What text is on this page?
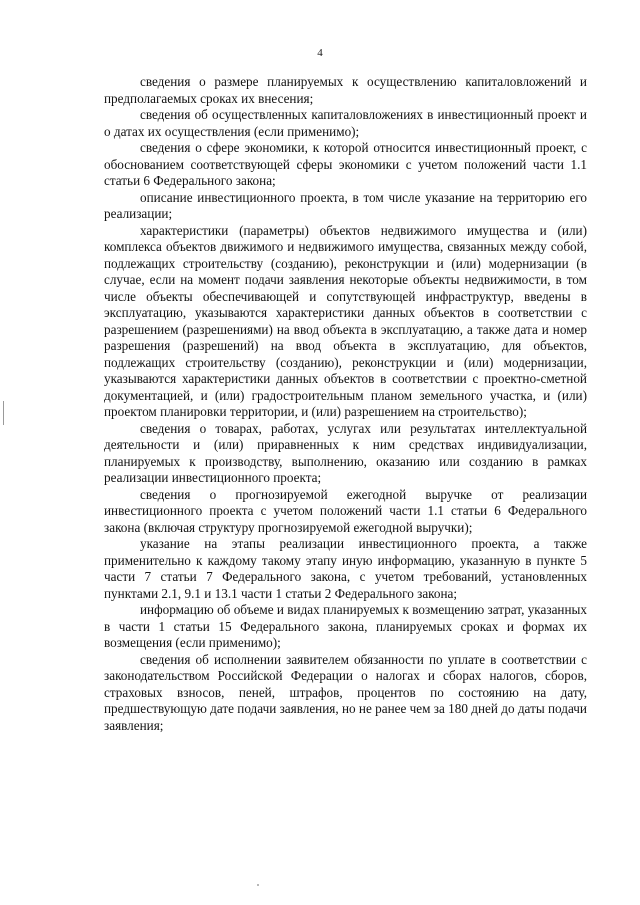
4

сведения о размере планируемых к осуществлению капиталовложений и предполагаемых сроках их внесения;

сведения об осуществленных капиталовложениях в инвестиционный проект и о датах их осуществления (если применимо);

сведения о сфере экономики, к которой относится инвестиционный проект, с обоснованием соответствующей сферы экономики с учетом положений части 1.1 статьи 6 Федерального закона;

описание инвестиционного проекта, в том числе указание на территорию его реализации;

характеристики (параметры) объектов недвижимого имущества и (или) комплекса объектов движимого и недвижимого имущества, связанных между собой, подлежащих строительству (созданию), реконструкции и (или) модернизации (в случае, если на момент подачи заявления некоторые объекты недвижимости, в том числе объекты обеспечивающей и сопутствующей инфраструктур, введены в эксплуатацию, указываются характеристики данных объектов в соответствии с разрешением (разрешениями) на ввод объекта в эксплуатацию, а также дата и номер разрешения (разрешений) на ввод объекта в эксплуатацию, для объектов, подлежащих строительству (созданию), реконструкции и (или) модернизации, указываются характеристики данных объектов в соответствии с проектно-сметной документацией, и (или) градостроительным планом земельного участка, и (или) проектом планировки территории, и (или) разрешением на строительство);

сведения о товарах, работах, услугах или результатах интеллектуальной деятельности и (или) приравненных к ним средствах индивидуализации, планируемых к производству, выполнению, оказанию или созданию в рамках реализации инвестиционного проекта;

сведения о прогнозируемой ежегодной выручке от реализации инвестиционного проекта с учетом положений части 1.1 статьи 6 Федерального закона (включая структуру прогнозируемой ежегодной выручки);

указание на этапы реализации инвестиционного проекта, а также применительно к каждому такому этапу иную информацию, указанную в пункте 5 части 7 статьи 7 Федерального закона, с учетом требований, установленных пунктами 2.1, 9.1 и 13.1 части 1 статьи 2 Федерального закона;

информацию об объеме и видах планируемых к возмещению затрат, указанных в части 1 статьи 15 Федерального закона, планируемых сроках и формах их возмещения (если применимо);

сведения об исполнении заявителем обязанности по уплате в соответствии с законодательством Российской Федерации о налогах и сборах налогов, сборов, страховых взносов, пеней, штрафов, процентов по состоянию на дату, предшествующую дате подачи заявления, но не ранее чем за 180 дней до даты подачи заявления;
